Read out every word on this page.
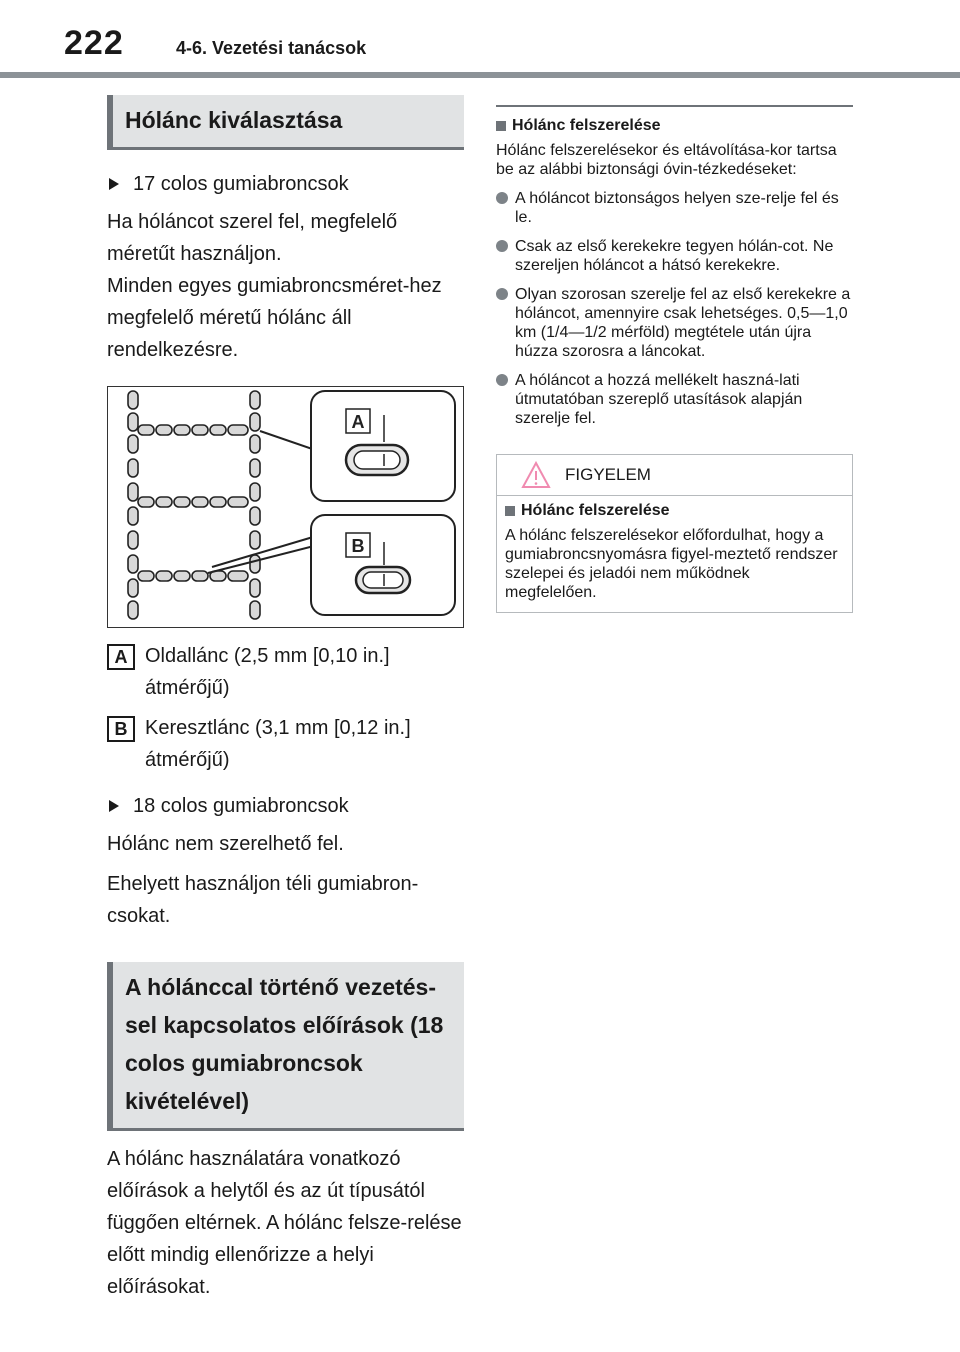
222	4-6. Vezetési tanácsok
Hólánc kiválasztása
17 colos gumiabroncsok

Ha hóláncot szerel fel, megfelelő méretűt használjon.

Minden egyes gumiabroncsméret-hez megfelelő méretű hólánc áll rendelkezésre.

A
B
A Oldallánc (2,5 mm [0,10 in.] átmérőjű)
B Keresztlánc (3,1 mm [0,12 in.] átmérőjű)
18 colos gumiabroncsok

Hólánc nem szerelhető fel.

Ehelyett használjon téli gumiabron-csokat.

A hólánccal történő vezetés-sel kapcsolatos előírások (18 colos gumiabroncsok kivételével)

A hólánc használatára vonatkozó előírások a helytől és az út típusától függően eltérnek. A hólánc felsze-relése előtt mindig ellenőrizze a helyi előírásokat.

Hólánc felszerelése

Hólánc felszerelésekor és eltávolítása-kor tartsa be az alábbi biztonsági óvin-tézkedéseket:

A hóláncot biztonságos helyen sze-relje fel és le.
Csak az első kerekekre tegyen hólán-cot. Ne szereljen hóláncot a hátsó kerekekre.
Olyan szorosan szerelje fel az első kerekekre a hóláncot, amennyire csak lehetséges. 0,5—1,0 km (1/4—1/2 mérföld) megtétele után újra húzza szorosra a láncokat.
A hóláncot a hozzá mellékelt haszná-lati útmutatóban szereplő utasítások alapján szerelje fel.
FIGYELEM
Hólánc felszerelése

A hólánc felszerelésekor előfordulhat, hogy a gumiabroncsnyomásra figyel-meztető rendszer szelepei és jeladói nem működnek megfelelően.
